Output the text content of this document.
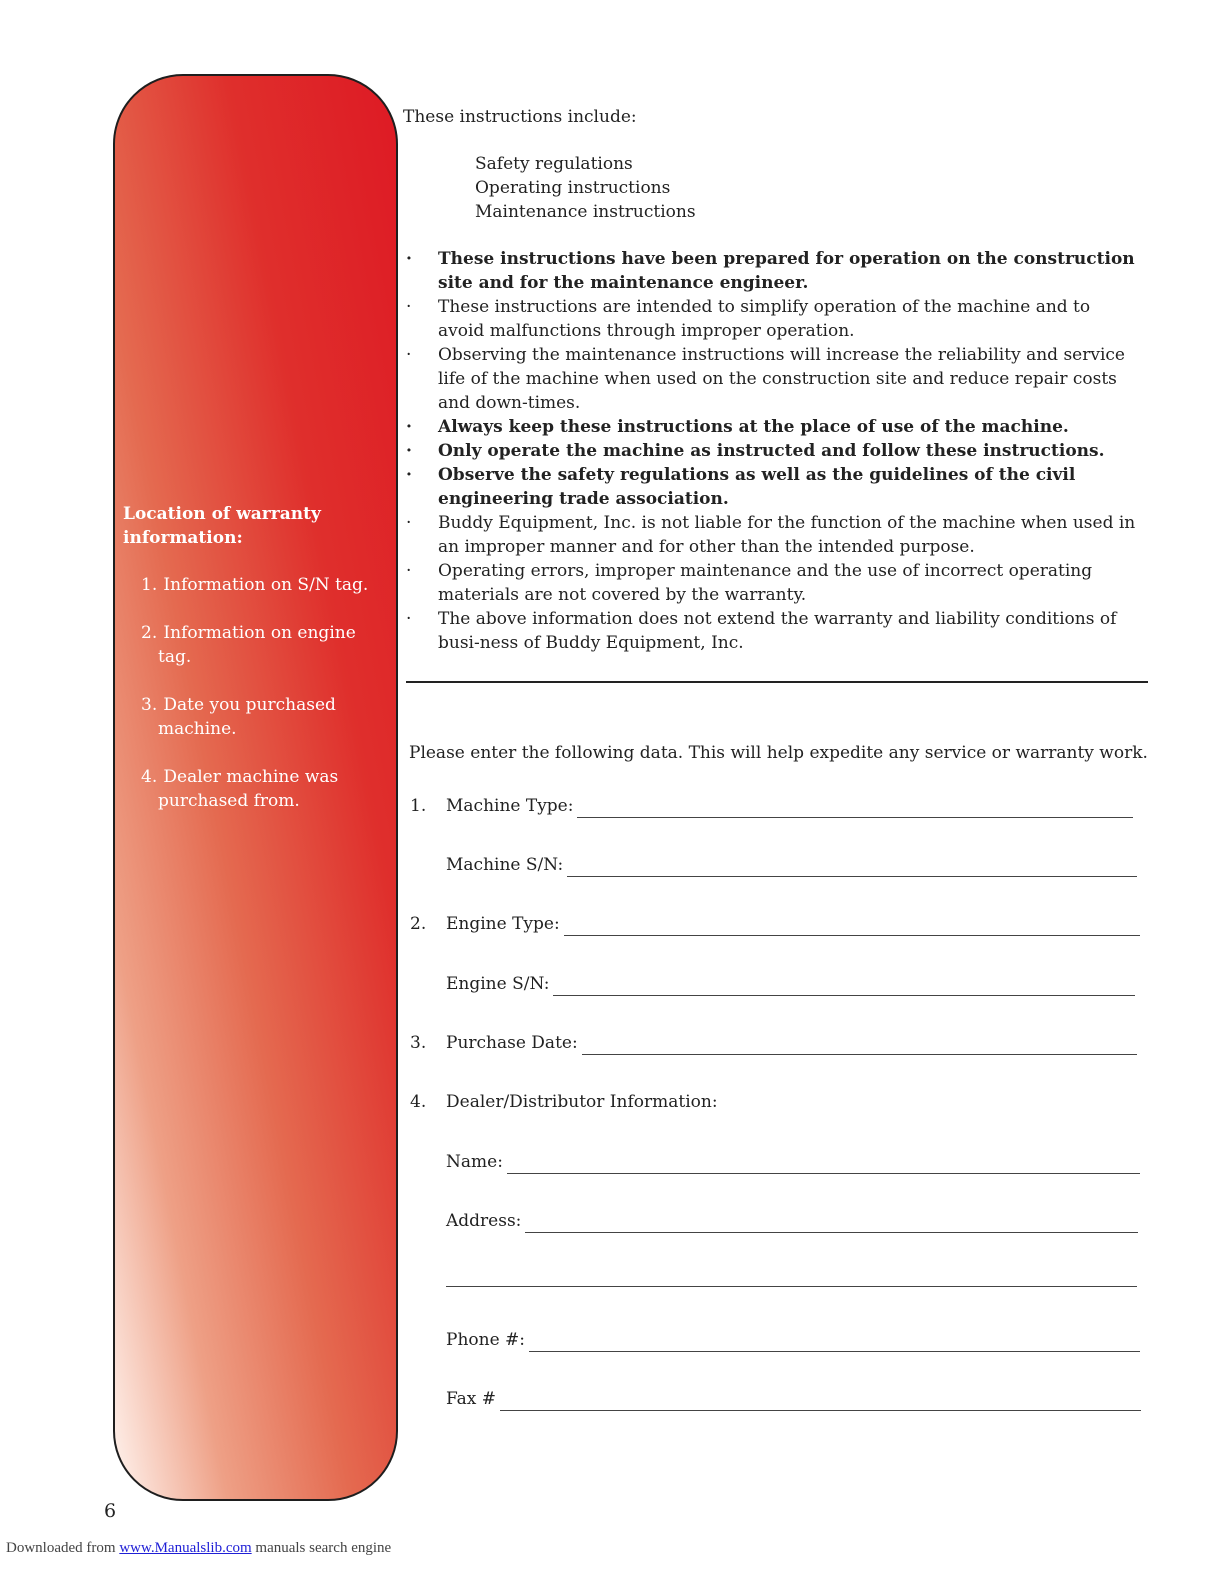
Location of warranty information:
1. Information on S/N tag.
2. Information on engine tag.
3. Date you purchased machine.
4. Dealer machine was purchased from.

These instructions include:

Safety regulations
Operating instructions
Maintenance instructions
· These instructions have been prepared for operation on the construction site and for the maintenance engineer.
· These instructions are intended to simplify operation of the machine and to avoid malfunctions through improper operation.
· Observing the maintenance instructions will increase the reliability and service life of the machine when used on the construction site and reduce repair costs and down-times.
· Always keep these instructions at the place of use of the machine.
· Only operate the machine as instructed and follow these instructions.
· Observe the safety regulations as well as the guidelines of the civil engineering trade association.
· Buddy Equipment, Inc. is not liable for the function of the machine when used in an improper manner and for other than the intended purpose.
· Operating errors, improper maintenance and the use of incorrect operating materials are not covered by the warranty.
· The above information does not extend the warranty and liability conditions of busi-ness of Buddy Equipment, Inc.

Please enter the following data. This will help expedite any service or warranty work.

1.	Machine Type:
Machine S/N:
2.	Engine Type:
Engine S/N:
3.	Purchase Date:
4.	Dealer/Distributor Information:
Name:
Address:
Phone #:
Fax #
6
Downloaded from www.Manualslib.com manuals search engine
